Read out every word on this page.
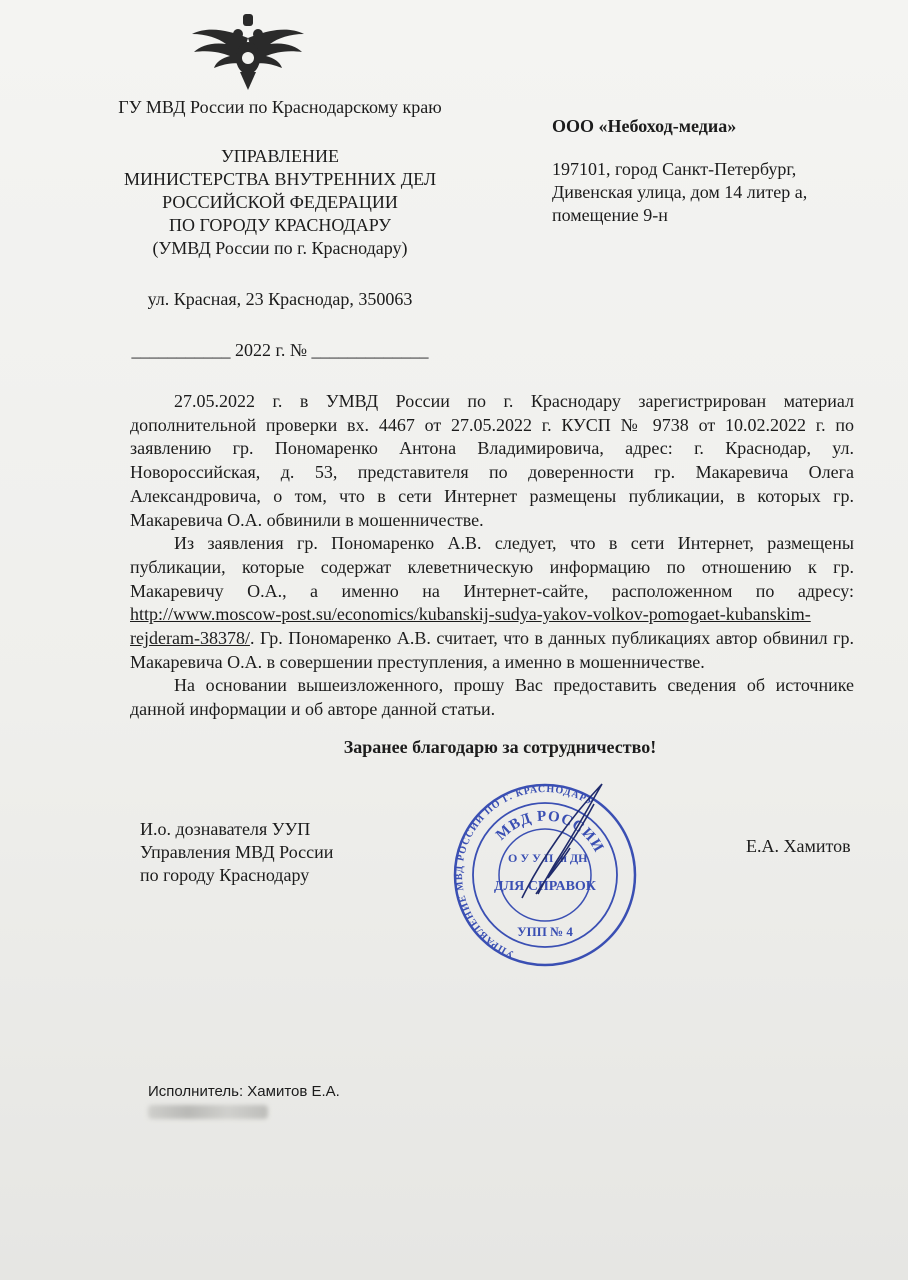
ГУ МВД России по Краснодарскому краю
УПРАВЛЕНИЕ
МИНИСТЕРСТВА ВНУТРЕННИХ ДЕЛ
РОССИЙСКОЙ ФЕДЕРАЦИИ
ПО ГОРОДУ КРАСНОДАРУ
(УМВД России по г. Краснодару)
ул. Красная, 23 Краснодар, 350063
___________ 2022 г. № _____________
ООО «Небоход-медиа»
197101, город Санкт-Петербург,
Дивенская улица, дом 14 литер а,
помещение 9-н

27.05.2022 г. в УМВД России по г. Краснодару зарегистрирован материал дополнительной проверки вх. 4467 от 27.05.2022 г. КУСП № 9738 от 10.02.2022 г. по заявлению гр. Пономаренко Антона Владимировича, адрес: г. Краснодар, ул. Новороссийская, д. 53, представителя по доверенности гр. Макаревича Олега Александровича, о том, что в сети Интернет размещены публикации, в которых гр. Макаревича О.А. обвинили в мошенничестве.

Из заявления гр. Пономаренко А.В. следует, что в сети Интернет, размещены публикации, которые содержат клеветническую информацию по отношению к гр. Макаревичу О.А., а именно на Интернет-сайте, расположенном по адресу: http://www.moscow-post.su/economics/kubanskij-sudya-yakov-volkov-pomogaet-kubanskim-rejderam-38378/. Гр. Пономаренко А.В. считает, что в данных публикациях автор обвинил гр. Макаревича О.А. в совершении преступления, а именно в мошенничестве.

На основании вышеизложенного, прошу Вас предоставить сведения об источнике данной информации и об авторе данной статьи.

Заранее благодарю за сотрудничество!
И.о. дознавателя УУП
Управления МВД России
по городу Краснодару
Е.А. Хамитов
УПРАВЛЕНИЕ МВД РОССИИ ПО Г. КРАСНОДАРУ
МВД РОССИИ
О У У П и ДН
ДЛЯ СПРАВОК
УПП № 4
Исполнитель: Хамитов Е.А.
